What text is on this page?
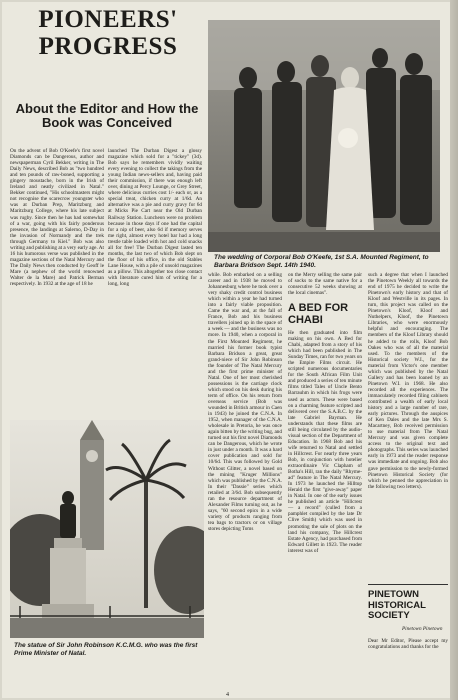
PIONEERS'
PROGRESS
About the Editor and How the Book was Conceived

On the advent of Bob O'Keefe's first novel Diamonds can be Dangerous, author and newspaperman Cyril Bekker, writing in The Daily News, described Bob as "two hundred and ten pounds of raw-boned, supporting a gingery moustache, born in the Irish of Ireland and neatly civilized in Natal." Bekker continued, "His schoolmasters might not recognise the scarecrow youngster who was at Durban Prep, Maritzburg and Maritzburg College, where his late subject was rugby. Since then he has had somewhat of a war, going with his fairly ponderous presence, the landings at Salerno, D-Day in the invasion of Normandy and the trek through Germany to Kiel." Bob was also writing and publishing at a very early age. At 16 his humorous verse was published in the magazine sections of the Natal Mercury and The Daily News then conducted by Geoff le Mare (a nephew of the world renowned Walter de la Mare) and Patrick Berman respectively. In 1932 at the age of 18 he

launched The Durban Digest a glossy magazine which sold for a "tickey" (3d). Bob says he remembers vividly waiting every evening to collect the takings from the young Indian news-sellers and, having paid their commission, if there was enough left over, dining at Percy Lounge, or Grey Street, where delicious curries cost 1/- each or, as a special treat, chicken curry at 1/6d. An alternative was a pie and curry gravy for 6d at Micks Pie Cart near the Old Durban Railway Station. Luncheon were no problem because in those days if one had the capital for a nip of beer, also 6d if memory serves me right, almost every hotel bar had a long trestle table loaded with hot and cold snacks all for free! The Durban Digest lasted ten months, the last two of which Bob slept on the floor of his office, in the old Stables Lane House, with a pile of unsold magazines as a pillow. This altogether too close contact with literature cured him of writing for a long, long

The wedding of Corporal Bob O'Keefe, 1st S.A. Mounted Regiment, to Barbara Bridson Sept. 14th 1940.

while. Bob embarked on a selling career and in 1938 he moved to Johannesburg where he took over a very shaky credit control business which within a year he had turned into a fairly viable proposition. Came the war and, at the fall of France, Bob and his business travellers joined up in the space of a week — and the business was no more. In 1940, when a corporal in the First Mounted Regiment, he married his former book typist Barbara Bridson a great, great grand-niece of Sir John Robinson the founder of The Natal Mercury and the first prime minister of Natal. One of her most cherished possessions is the carriage clock which stood on his desk during his term of office. On his return from overseas service (Bob was wounded in British armour in Caen in 1943) he joined the C.N.A. In 1952, when manager of the C.N.A. wholesale in Pretoria, he was once again bitten by the writing bug, and turned out his first novel Diamonds can be Dangerous, which he wrote in just under a month. It was a hard cover publication and sold for 10/6d. This was followed by Gold Without Glitter, a novel based on the mining "Kruger Millions" which was published by the C.N.A. In their "Dassie" series which retailed at 3/6d. Bob subsequently ran the resource department of Alexander Films turning out, as he says, "60 second epics in a wide variety of products ranging from tea bags to tractors or on village stores depicting Toms

on the Merry selling the same pair of socks to the same native for a consecutive 52 weeks showing at the local cinemas".

A BED FOR CHABI

He then graduated into film making on his own. A Bed for Chabi, adapted from a story of his which had been published in The Sunday Times, ran for two years on the Empire Films circuit. He scripted numerous documentaries for the South African Film Unit and produced a series of ten minute films titled Tales of Uncle Bento Barrauhm in which his frogs were used as actors. These were based on a charming feature scripted and delivered over the S.A.B.C. by the late Gabriel Bayman. He understands that these films are still being circulated by the audio-visual section of the Department of Education. In 1968 Bob and his wife returned to Natal and settled in Hillcrest. For nearly three years Bob, in conjunction with hotelier extraordinaire Vic Clapham of Botha's Hill, ran the daily "Rhyme-ad" feature in The Natal Mercury. In 1973 he launched the Hilltop Herald the first "give-away" paper in Natal. In one of the early issues he published an article "Hillcrest — a record" (culled from a pamphlet compiled by the late Dr Clive Smith) which was used in promoting the sale of plots on the land his company, The Hillcrest Estate Agency, had purchased from Edward Gillett in 1923. The reader interest was of

such a degree that when I launched the Pinetown Weekly all towards the end of 1975 he decided to write the Pinetown's early history and that of Kloof and Westville in its pages. In turn, this project was called on the Pinetown's Kloof, Kloof and Nuthelpers, Kloof, the Pinetown Libraries, who were enormously helpful and encouraging. The members of the Kloof Library should he added to the rolls, Kloof Bob Oakes who was of all the material used. To the members of the Historical society W.I., for the material from Victor's one member which was published by the Natal Gallery and has been loaned by an Pinetown W.I. in 1968. He also recorded all the experiences. The immaculately recorded filing cabinets contributed a wealth of early local history and a large number of rare, early pictures. Through the auspices of Ken Dales and the late Mrs S. Macartney, Bob received permission to use material from The Natal Mercury and was given complete access to the original text and photographs. This series was launched early in 1973 and the reader response was immediate and ongoing. Bob also gave permission to the newly-formed Pinetown Historical Society (for which he penned the appreciation in the following two letters).

PINETOWN HISTORICAL SOCIETY

Pinetown Pinetown

Dear Mr Editor, Please accept my congratulations and thanks for the

The statue of Sir John Robinson K.C.M.G. who was the first Prime Minister of Natal.
4
